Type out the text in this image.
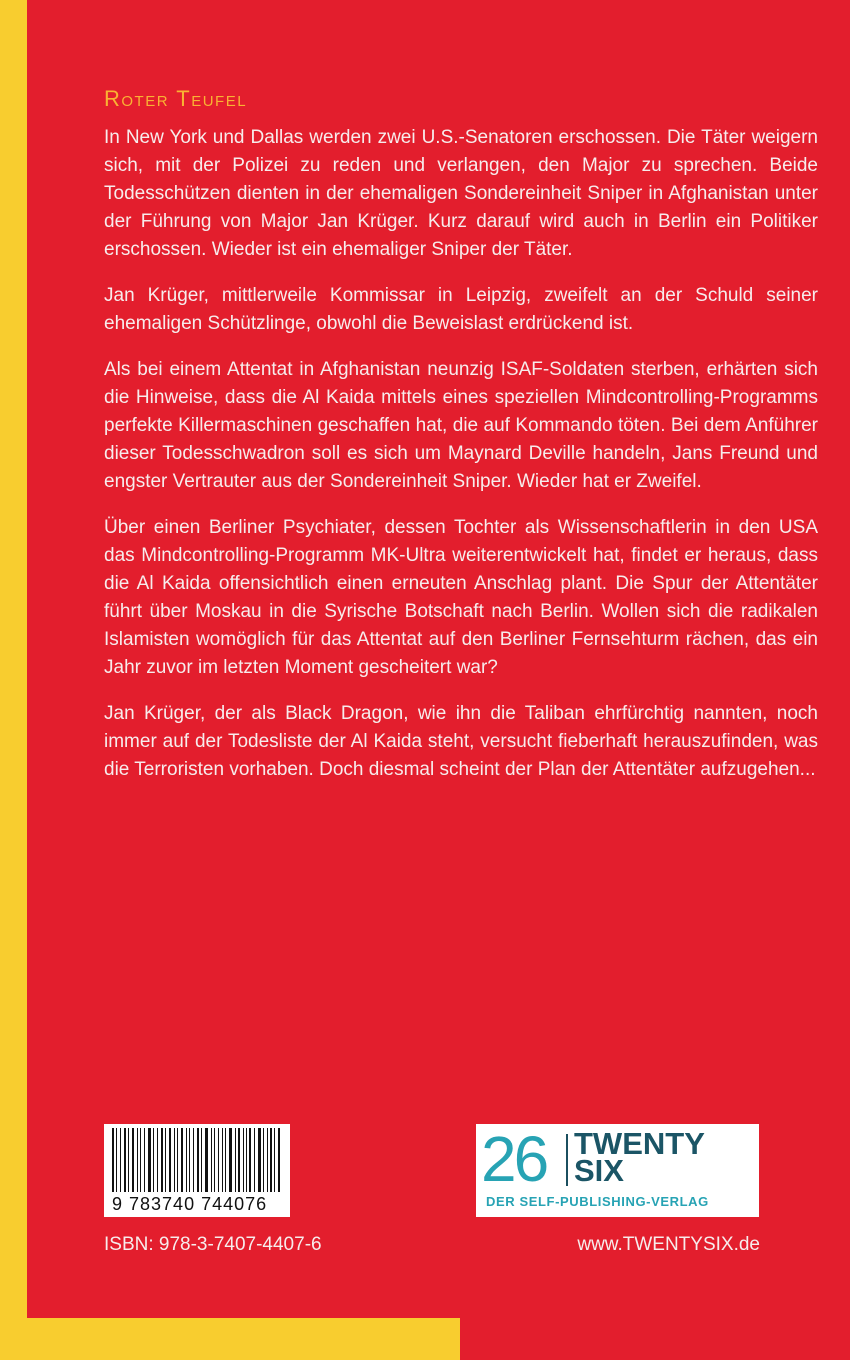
Roter Teufel

In New York und Dallas werden zwei U.S.-Senatoren erschossen. Die Täter weigern sich, mit der Polizei zu reden und verlangen, den Major zu sprechen. Beide Todesschützen dienten in der ehemaligen Sondereinheit Sniper in Afghanistan unter der Führung von Major Jan Krüger. Kurz darauf wird auch in Berlin ein Politiker erschossen. Wieder ist ein ehemaliger Sniper der Täter.

Jan Krüger, mittlerweile Kommissar in Leipzig, zweifelt an der Schuld seiner ehemaligen Schützlinge, obwohl die Beweislast erdrückend ist.

Als bei einem Attentat in Afghanistan neunzig ISAF-Soldaten sterben, erhärten sich die Hinweise, dass die Al Kaida mittels eines speziellen Mindcontrolling-Programms perfekte Killermaschinen geschaffen hat, die auf Kommando töten. Bei dem Anführer dieser Todesschwadron soll es sich um Maynard Deville handeln, Jans Freund und engster Vertrauter aus der Sondereinheit Sniper. Wieder hat er Zweifel.

Über einen Berliner Psychiater, dessen Tochter als Wissenschaftlerin in den USA das Mindcontrolling-Programm MK-Ultra weiterentwickelt hat, findet er heraus, dass die Al Kaida offensichtlich einen erneuten Anschlag plant. Die Spur der Attentäter führt über Moskau in die Syrische Botschaft nach Berlin. Wollen sich die radikalen Islamisten womöglich für das Attentat auf den Berliner Fernsehturm rächen, das ein Jahr zuvor im letzten Moment gescheitert war?

Jan Krüger, der als Black Dragon, wie ihn die Taliban ehrfürchtig nannten, noch immer auf der Todesliste der Al Kaida steht, versucht fieberhaft herauszufinden, was die Terroristen vorhaben. Doch diesmal scheint der Plan der Attentäter aufzugehen...

9 783740 744076
26 TWENTY
SIX
DER SELF-PUBLISHING-VERLAG
ISBN: 978-3-7407-4407-6	www.TWENTYSIX.de
